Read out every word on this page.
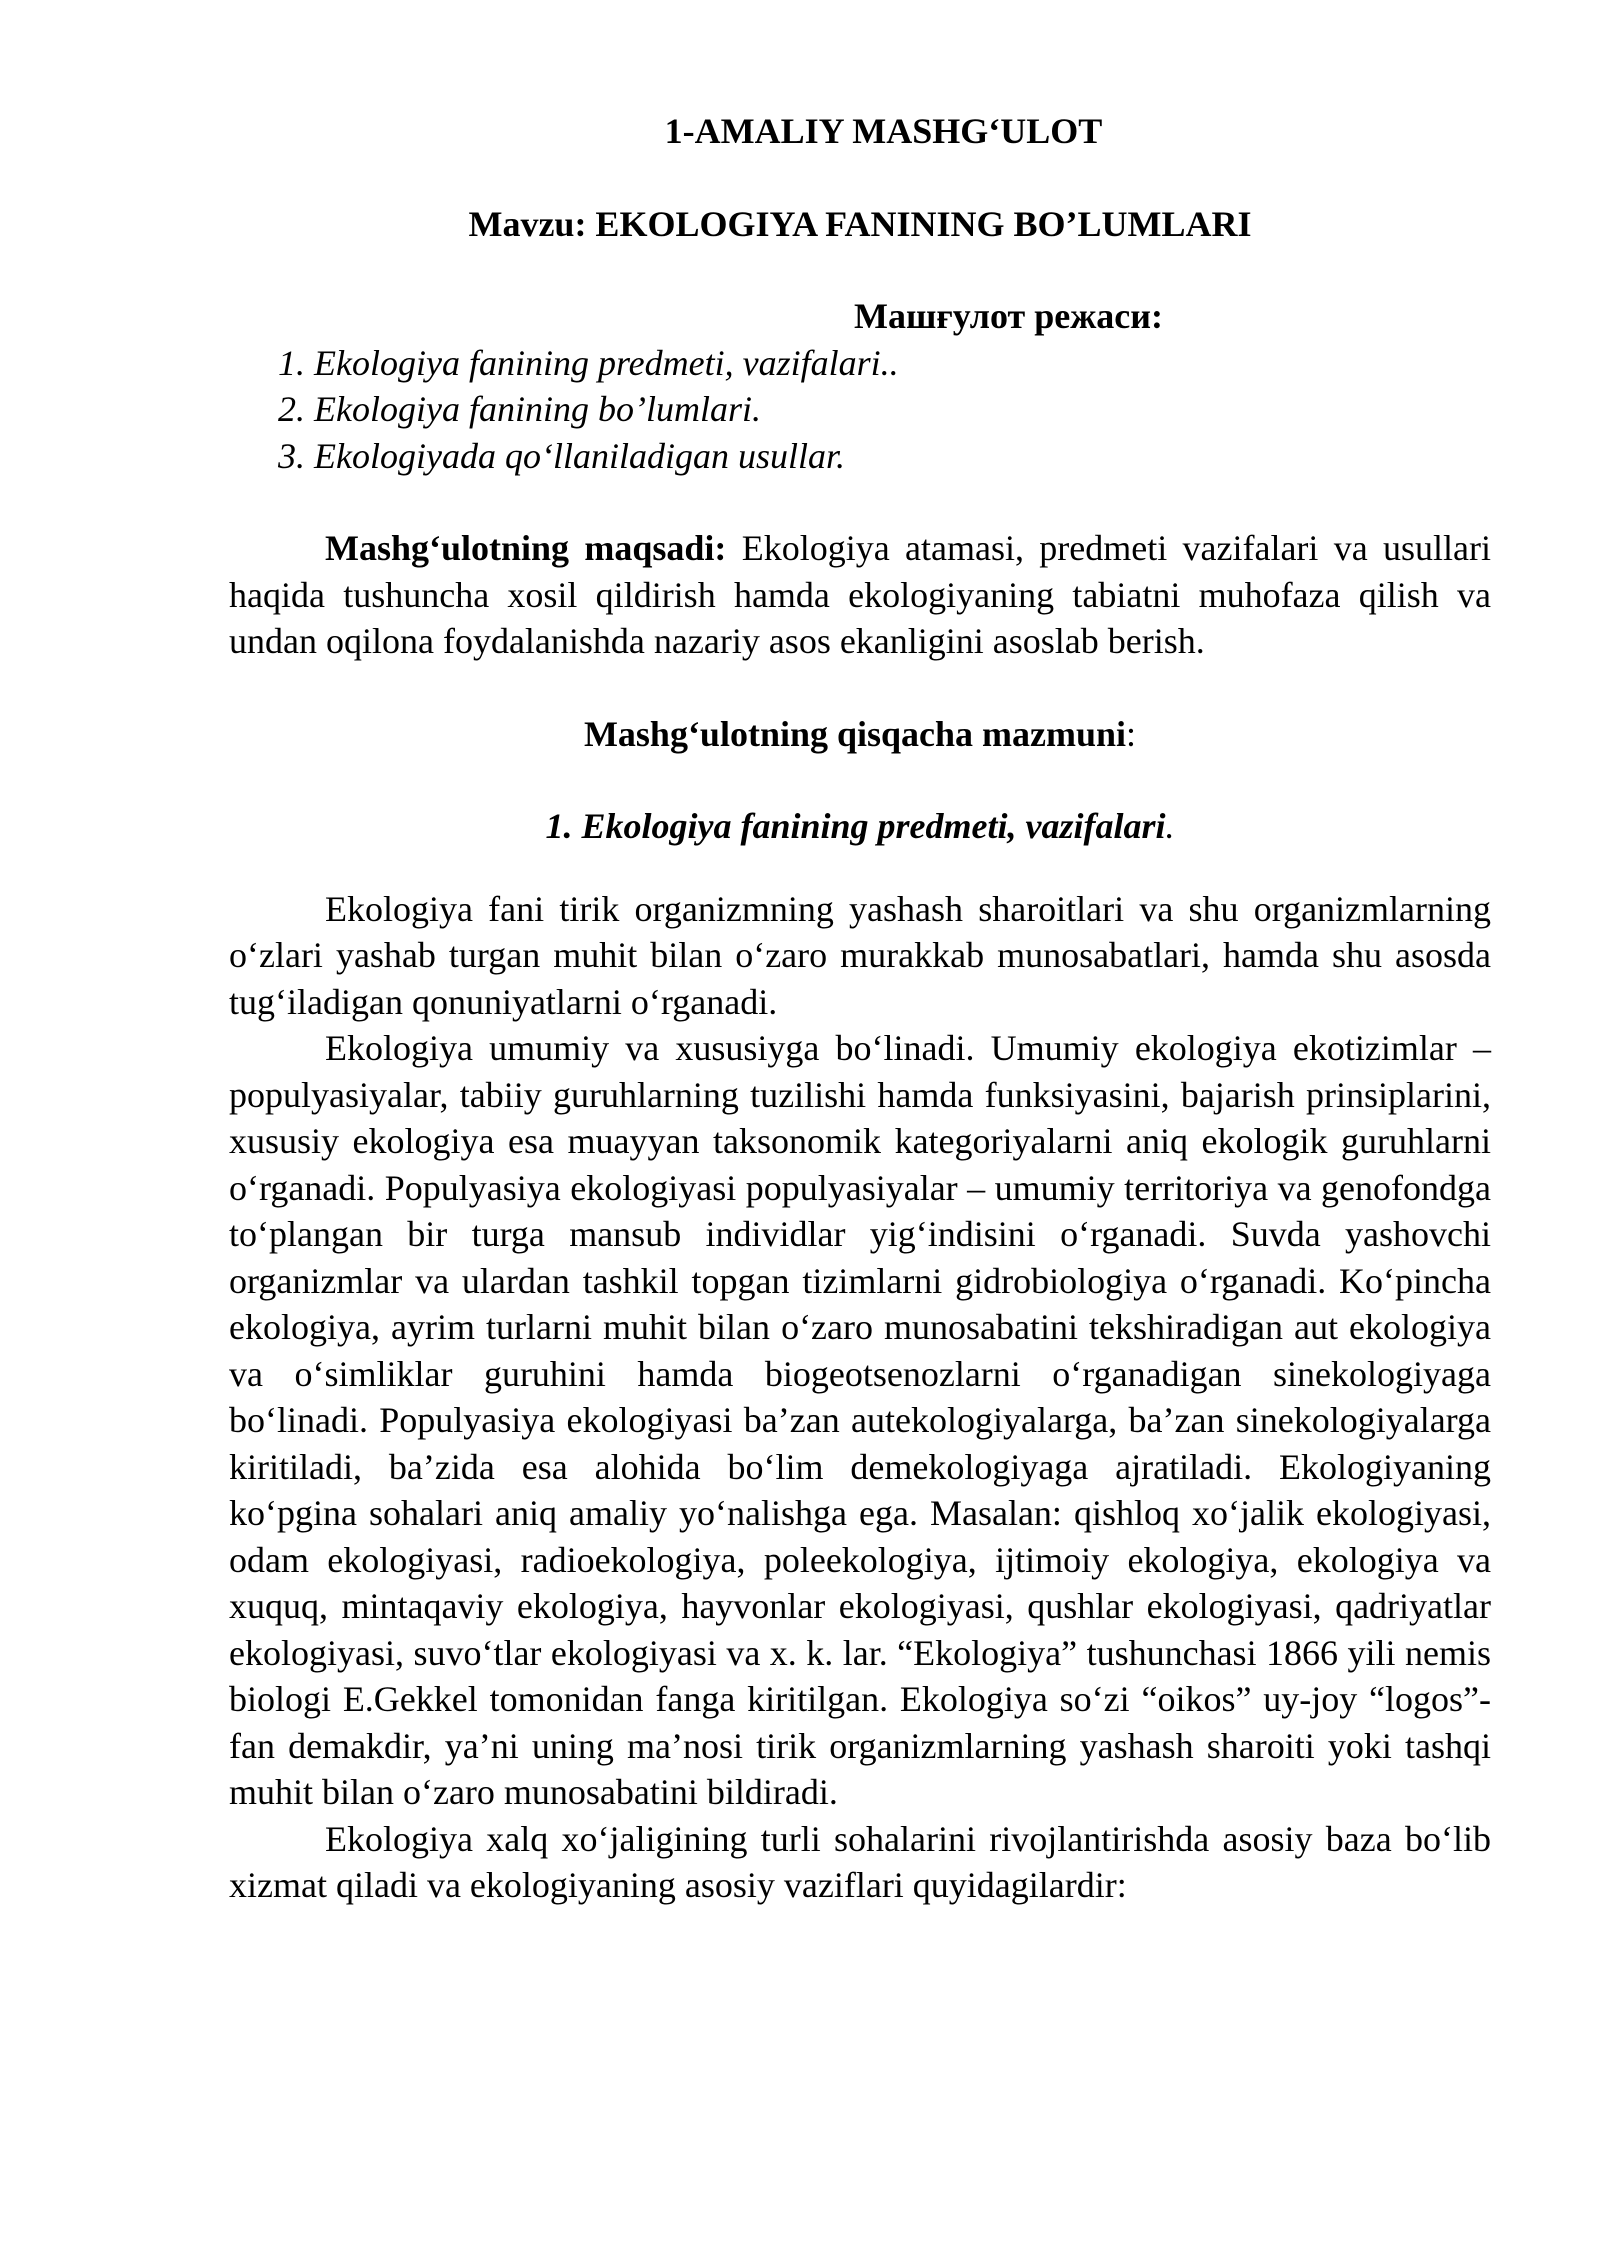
1-AMALIY MASHG‘ULOT

Mavzu: EKOLOGIYA FANINING BO’LUMLARI

Машғулот режаси:

1. Ekologiya fanining predmeti, vazifalari..
2. Ekologiya fanining bo’lumlari.
3. Ekologiyada qo‘llaniladigan usullar.

Mashg‘ulotning maqsadi: Ekologiya atamasi, predmeti vazifalari va usullari haqida tushuncha xosil qildirish hamda ekologiyaning tabiatni muhofaza qilish va undan oqilona foydalanishda nazariy asos ekanligini asoslab berish.

Mashg‘ulotning qisqacha mazmuni:

1. Ekologiya fanining predmeti, vazifalari.

Ekologiya fani tirik organizmning yashash sharoitlari va shu organizmlarning o‘zlari yashab turgan muhit bilan o‘zaro murakkab munosabatlari, hamda shu asosda tug‘iladigan qonuniyatlarni o‘rganadi.

Ekologiya umumiy va xususiyga bo‘linadi. Umumiy ekologiya ekotizimlar – populyasiyalar, tabiiy guruhlarning tuzilishi hamda funksiyasini, bajarish prinsiplarini, xususiy ekologiya esa muayyan taksonomik kategoriyalarni aniq ekologik guruhlarni o‘rganadi. Populyasiya ekologiyasi populyasiyalar – umumiy territoriya va genofondga to‘plangan bir turga mansub individlar yig‘indisini o‘rganadi. Suvda yashovchi organizmlar va ulardan tashkil topgan tizimlarni gidrobiologiya o‘rganadi. Ko‘pincha ekologiya, ayrim turlarni muhit bilan o‘zaro munosabatini tekshiradigan aut ekologiya va o‘simliklar guruhini hamda biogeotsenozlarni o‘rganadigan sinekologiyaga bo‘linadi. Populyasiya ekologiyasi ba’zan autekologiyalarga, ba’zan sinekologiyalarga kiritiladi, ba’zida esa alohida bo‘lim demekologiyaga ajratiladi. Ekologiyaning ko‘pgina sohalari aniq amaliy yo‘nalishga ega. Masalan: qishloq xo‘jalik ekologiyasi, odam ekologiyasi, radioekologiya, poleekologiya, ijtimoiy ekologiya, ekologiya va xuquq, mintaqaviy ekologiya, hayvonlar ekologiyasi, qushlar ekologiyasi, qadriyatlar ekologiyasi, suvo‘tlar ekologiyasi va x. k. lar. “Ekologiya” tushunchasi 1866 yili nemis biologi E.Gekkel tomonidan fanga kiritilgan. Ekologiya so‘zi “oikos” uy-joy “logos”-fan demakdir, ya’ni uning ma’nosi tirik organizmlarning yashash sharoiti yoki tashqi muhit bilan o‘zaro munosabatini bildiradi.

Ekologiya xalq xo‘jaligining turli sohalarini rivojlantirishda asosiy baza bo‘lib xizmat qiladi va ekologiyaning asosiy vaziflari quyidagilardir:
